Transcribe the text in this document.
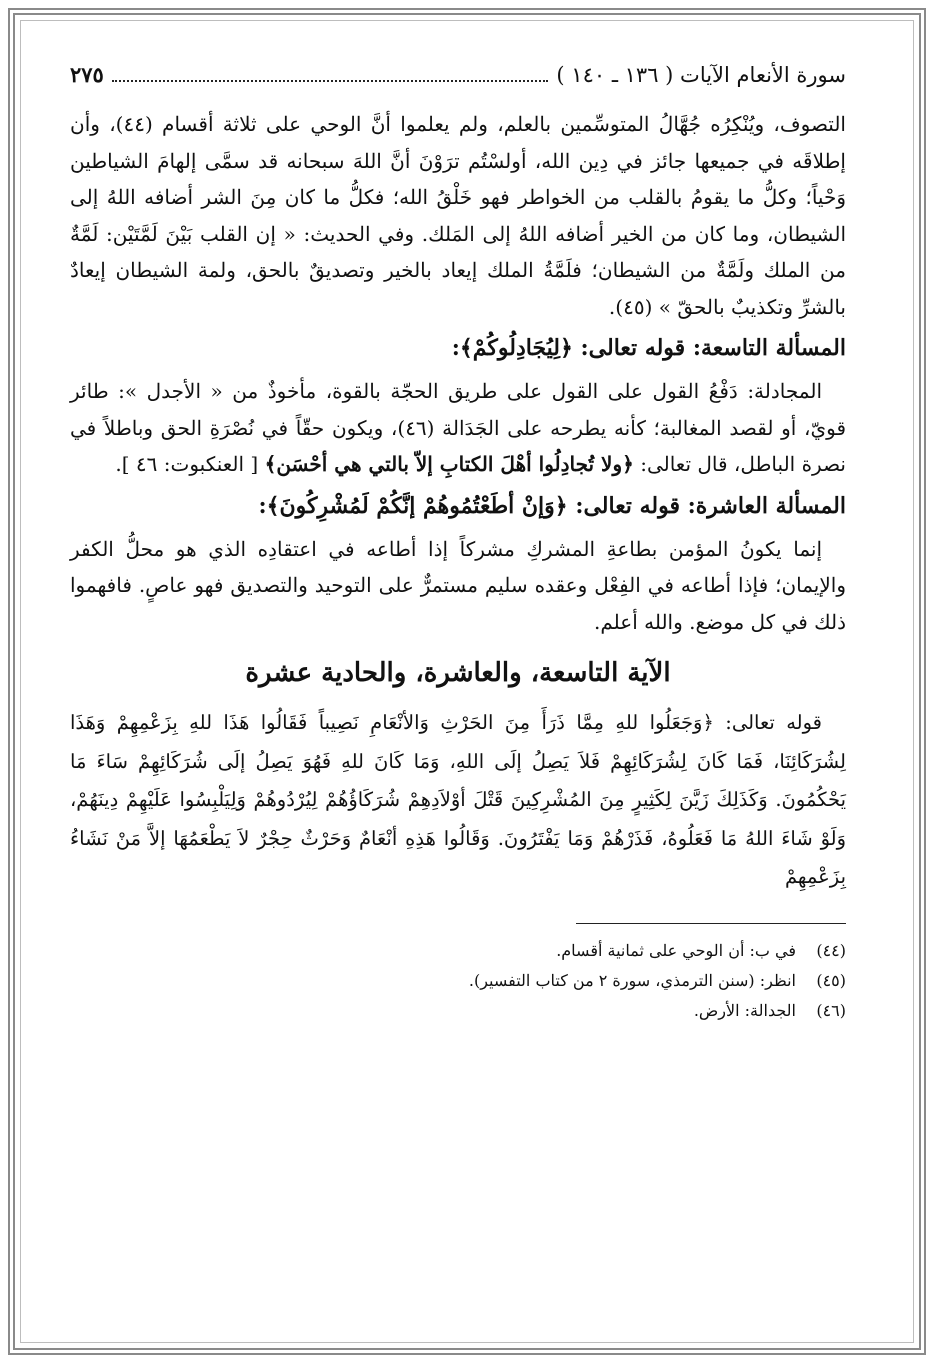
سورة الأنعام الآيات ( ١٣٦ ـ ١٤٠ )
٢٧٥

التصوف، ويُنْكِرُه جُهَّالُ المتوسِّمين بالعلم، ولم يعلموا أنَّ الوحي على ثلاثة أقسام (٤٤)، وأن إطلاقَه في جميعها جائز في دِين الله، أولسْتُم ترَوْنَ أنَّ اللهَ سبحانه قد سمَّى إلهامَ الشياطين وَحْياً؛ وكلُّ ما يقومُ بالقلب من الخواطر فهو خَلْقُ الله؛ فكلُّ ما كان مِنَ الشر أضافه اللهُ إلى الشيطان، وما كان من الخير أضافه اللهُ إلى المَلك. وفي الحديث: « إن القلب بَيْنَ لَمَّتَيْن: لَمَّةٌ من الملك ولَمَّةٌ من الشيطان؛ فلَمَّةُ الملك إيعاد بالخير وتصديقٌ بالحق، ولمة الشيطان إيعادٌ بالشرِّ وتكذيبٌ بالحقّ » (٤٥).

المسألة التاسعة: قوله تعالى: ﴿لِيُجَادِلُوكُمْ﴾:

المجادلة: دَفْعُ القول على القول على طريق الحجّة بالقوة، مأخوذٌ من « الأجدل »: طائر قويّ، أو لقصد المغالبة؛ كأنه يطرحه على الجَدَالة (٤٦)، ويكون حقّاً في نُصْرَةِ الحق وباطلاً في نصرة الباطل، قال تعالى: ﴿ولا تُجادِلُوا أهْلَ الكتابِ إلاّ بالتي هي أحْسَن﴾ [ العنكبوت: ٤٦ ].

المسألة العاشرة: قوله تعالى: ﴿وَإنْ أطَعْتُمُوهُمْ إنَّكُمْ لَمُشْرِكُونَ﴾:

إنما يكونُ المؤمن بطاعةِ المشركِ مشركاً إذا أطاعه في اعتقادِه الذي هو محلُّ الكفر والإيمان؛ فإذا أطاعه في الفِعْل وعقده سليم مستمرٌّ على التوحيد والتصديق فهو عاصٍ. فافهموا ذلك في كل موضع. والله أعلم.

الآية التاسعة، والعاشرة، والحادية عشرة

قوله تعالى: ﴿وَجَعَلُوا للهِ مِمَّا ذَرَأَ مِنَ الحَرْثِ وَالأنْعَامِ نَصِيباً فَقَالُوا هَذَا للهِ بِزَعْمِهِمْ وَهَذَا لِشُرَكَائِنَا، فَمَا كَانَ لِشُرَكَائِهِمْ فَلاَ يَصِلُ إلَى اللهِ، وَمَا كَانَ للهِ فَهُوَ يَصِلُ إلَى شُرَكَائِهِمْ سَاءَ مَا يَحْكُمُونَ. وَكَذَلِكَ زَيَّنَ لِكَثِيرٍ مِنَ المُشْرِكِينَ قَتْلَ أوْلاَدِهِمْ شُرَكَاؤُهُمْ لِيُرْدُوهُمْ وَلِيَلْبِسُوا عَلَيْهِمْ دِينَهُمْ، وَلَوْ شَاءَ اللهُ مَا فَعَلُوهُ، فَذَرْهُمْ وَمَا يَفْتَرُونَ. وَقَالُوا هَذِهِ أنْعَامٌ وَحَرْثٌ حِجْرٌ لاَ يَطْعَمُهَا إلاَّ مَنْ نَشَاءُ بِزَعْمِهِمْ

(٤٤)
في ب: أن الوحي على ثمانية أقسام.
(٤٥)
انظر: (سنن الترمذي، سورة ٢ من كتاب التفسير).
(٤٦)
الجدالة: الأرض.
